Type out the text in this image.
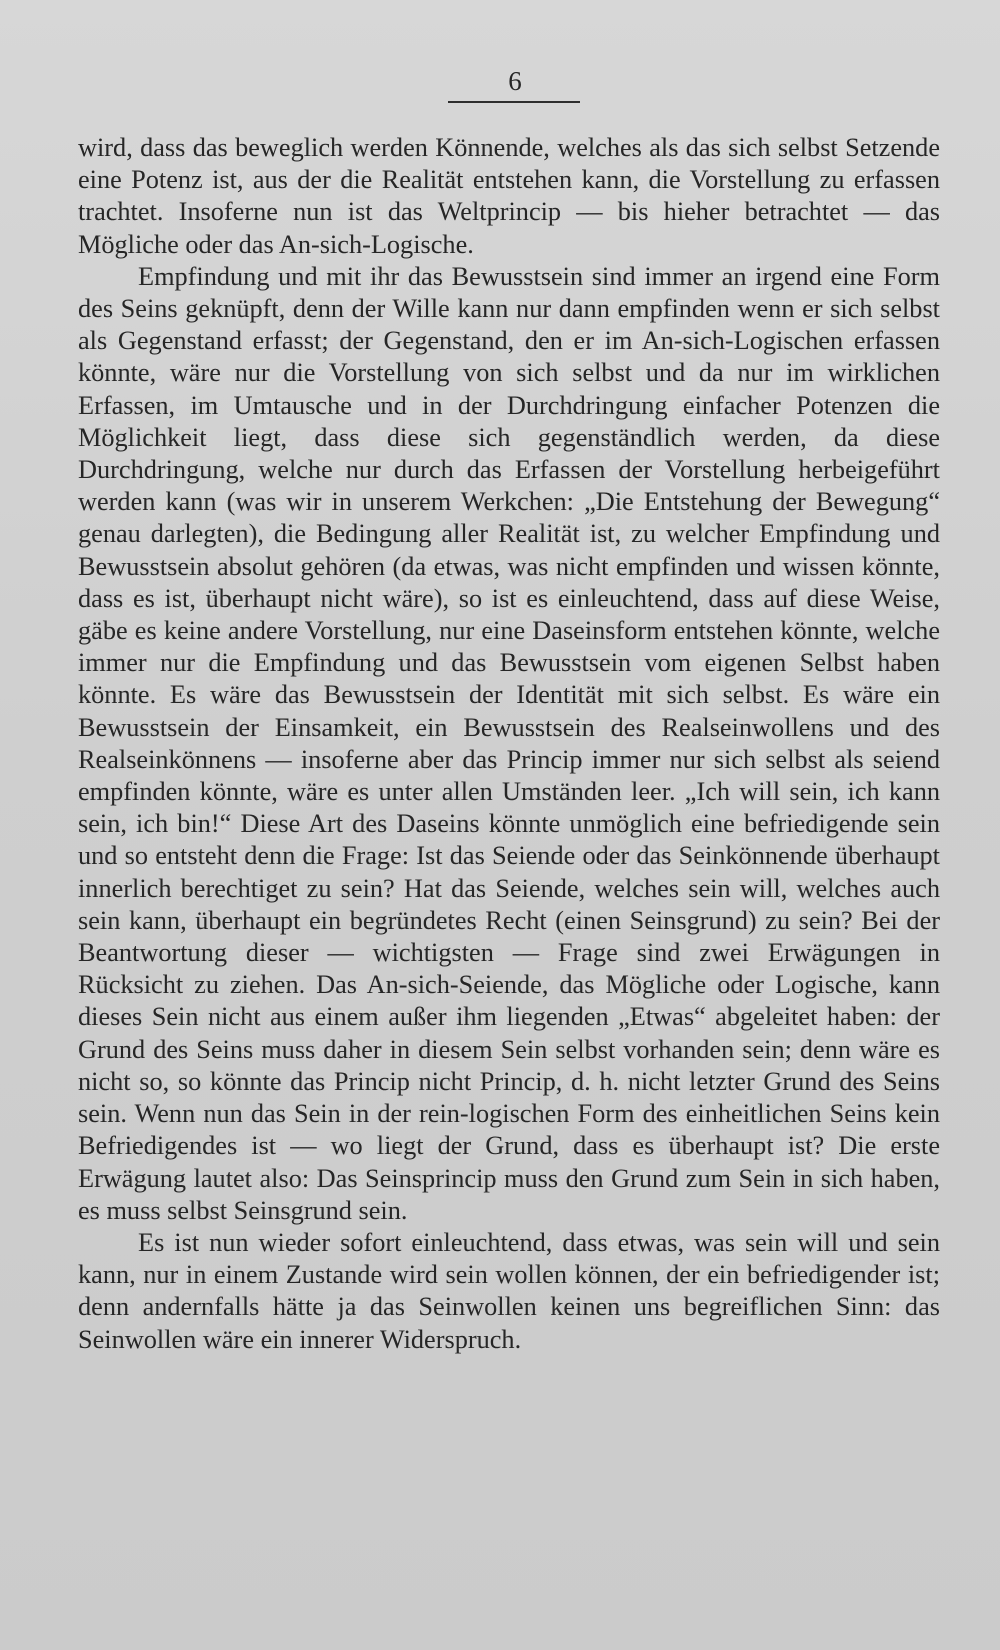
6

wird, dass das beweglich werden Könnende, welches als das sich selbst Setzende eine Potenz ist, aus der die Realität entstehen kann, die Vorstellung zu erfassen trachtet. Insoferne nun ist das Weltprincip — bis hieher betrachtet — das Mögliche oder das An-sich-Logische.

Empfindung und mit ihr das Bewusstsein sind immer an irgend eine Form des Seins geknüpft, denn der Wille kann nur dann empfinden wenn er sich selbst als Gegenstand erfasst; der Gegenstand, den er im An-sich-Logischen erfassen könnte, wäre nur die Vorstellung von sich selbst und da nur im wirklichen Erfassen, im Umtausche und in der Durchdringung einfacher Potenzen die Möglichkeit liegt, dass diese sich gegenständlich werden, da diese Durchdringung, welche nur durch das Erfassen der Vorstellung herbeigeführt werden kann (was wir in unserem Werkchen: „Die Entstehung der Bewegung“ genau darlegten), die Bedingung aller Realität ist, zu welcher Empfindung und Bewusstsein absolut gehören (da etwas, was nicht empfinden und wissen könnte, dass es ist, überhaupt nicht wäre), so ist es einleuchtend, dass auf diese Weise, gäbe es keine andere Vorstellung, nur eine Daseinsform entstehen könnte, welche immer nur die Empfindung und das Bewusstsein vom eigenen Selbst haben könnte. Es wäre das Bewusstsein der Identität mit sich selbst. Es wäre ein Bewusstsein der Einsamkeit, ein Bewusstsein des Realseinwollens und des Realseinkönnens — insoferne aber das Princip immer nur sich selbst als seiend empfinden könnte, wäre es unter allen Umständen leer. „Ich will sein, ich kann sein, ich bin!“ Diese Art des Daseins könnte unmöglich eine befriedigende sein und so entsteht denn die Frage: Ist das Seiende oder das Seinkönnende überhaupt innerlich berechtiget zu sein? Hat das Seiende, welches sein will, welches auch sein kann, überhaupt ein begründetes Recht (einen Seinsgrund) zu sein? Bei der Beantwortung dieser — wichtigsten — Frage sind zwei Erwägungen in Rücksicht zu ziehen. Das An-sich-Seiende, das Mögliche oder Logische, kann dieses Sein nicht aus einem außer ihm liegenden „Etwas“ abgeleitet haben: der Grund des Seins muss daher in diesem Sein selbst vorhanden sein; denn wäre es nicht so, so könnte das Princip nicht Princip, d. h. nicht letzter Grund des Seins sein. Wenn nun das Sein in der rein-logischen Form des einheitlichen Seins kein Befriedigendes ist — wo liegt der Grund, dass es überhaupt ist? Die erste Erwägung lautet also: Das Seinsprincip muss den Grund zum Sein in sich haben, es muss selbst Seinsgrund sein.

Es ist nun wieder sofort einleuchtend, dass etwas, was sein will und sein kann, nur in einem Zustande wird sein wollen können, der ein befriedigender ist; denn andernfalls hätte ja das Seinwollen keinen uns begreiflichen Sinn: das Seinwollen wäre ein innerer Widerspruch.
